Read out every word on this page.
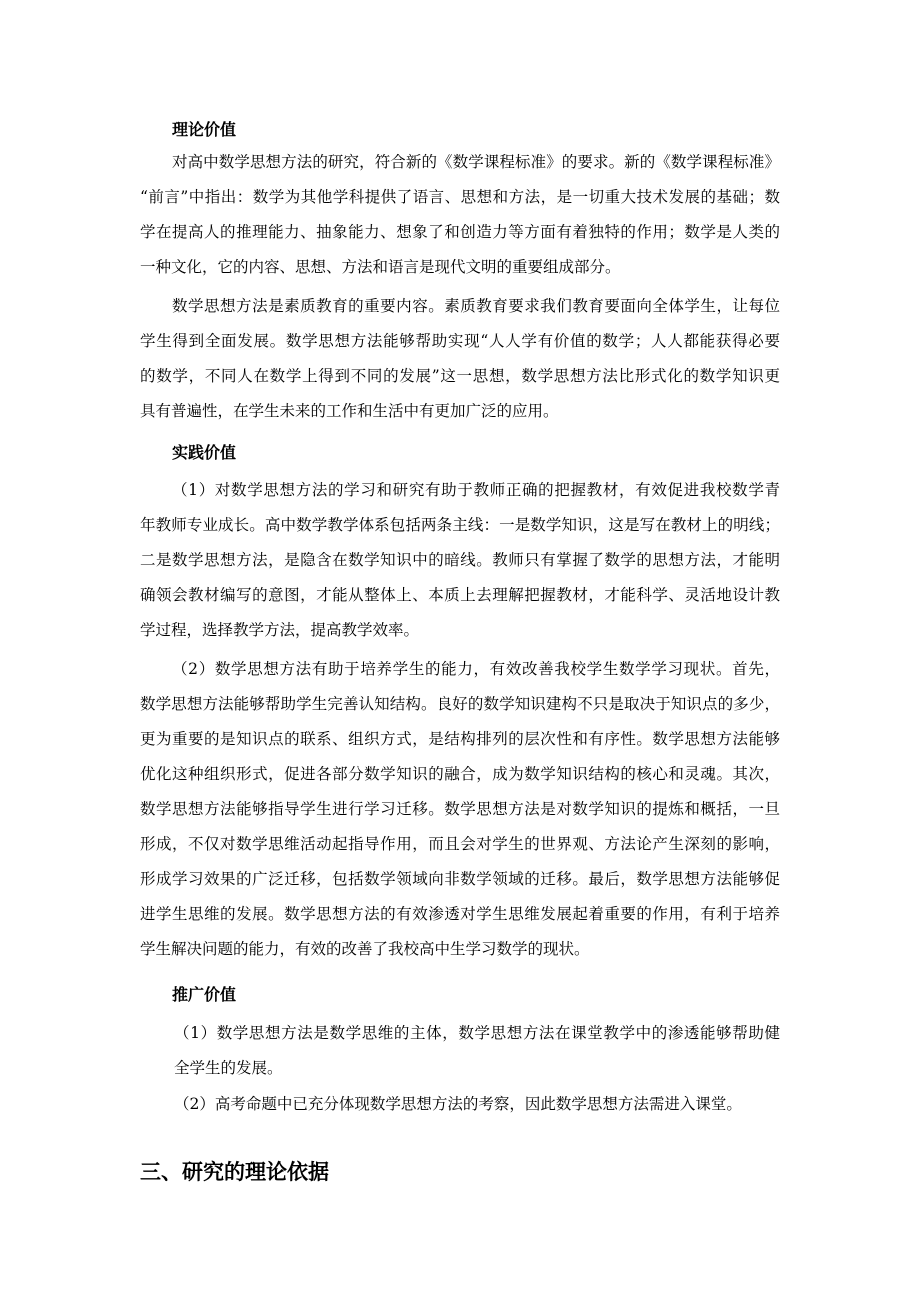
理论价值
对高中数学思想方法的研究，符合新的《数学课程标准》的要求。新的《数学课程标准》
“前言”中指出：数学为其他学科提供了语言、思想和方法，是一切重大技术发展的基础；数
学在提高人的推理能力、抽象能力、想象了和创造力等方面有着独特的作用；数学是人类的
一种文化，它的内容、思想、方法和语言是现代文明的重要组成部分。
数学思想方法是素质教育的重要内容。素质教育要求我们教育要面向全体学生，让每位
学生得到全面发展。数学思想方法能够帮助实现“人人学有价值的数学；人人都能获得必要
的数学，不同人在数学上得到不同的发展”这一思想，数学思想方法比形式化的数学知识更
具有普遍性，在学生未来的工作和生活中有更加广泛的应用。
实践价值
（1）对数学思想方法的学习和研究有助于教师正确的把握教材，有效促进我校数学青
年教师专业成长。高中数学教学体系包括两条主线：一是数学知识，这是写在教材上的明线；
二是数学思想方法，是隐含在数学知识中的暗线。教师只有掌握了数学的思想方法，才能明
确领会教材编写的意图，才能从整体上、本质上去理解把握教材，才能科学、灵活地设计教
学过程，选择教学方法，提高教学效率。
（2）数学思想方法有助于培养学生的能力，有效改善我校学生数学学习现状。首先，
数学思想方法能够帮助学生完善认知结构。良好的数学知识建构不只是取决于知识点的多少，
更为重要的是知识点的联系、组织方式，是结构排列的层次性和有序性。数学思想方法能够
优化这种组织形式，促进各部分数学知识的融合，成为数学知识结构的核心和灵魂。其次，
数学思想方法能够指导学生进行学习迁移。数学思想方法是对数学知识的提炼和概括，一旦
形成，不仅对数学思维活动起指导作用，而且会对学生的世界观、方法论产生深刻的影响，
形成学习效果的广泛迁移，包括数学领域向非数学领域的迁移。最后，数学思想方法能够促
进学生思维的发展。数学思想方法的有效渗透对学生思维发展起着重要的作用，有利于培养
学生解决问题的能力，有效的改善了我校高中生学习数学的现状。
推广价值
（1）数学思想方法是数学思维的主体，数学思想方法在课堂教学中的渗透能够帮助健
全学生的发展。
（2）高考命题中已充分体现数学思想方法的考察，因此数学思想方法需进入课堂。
三、研究的理论依据
